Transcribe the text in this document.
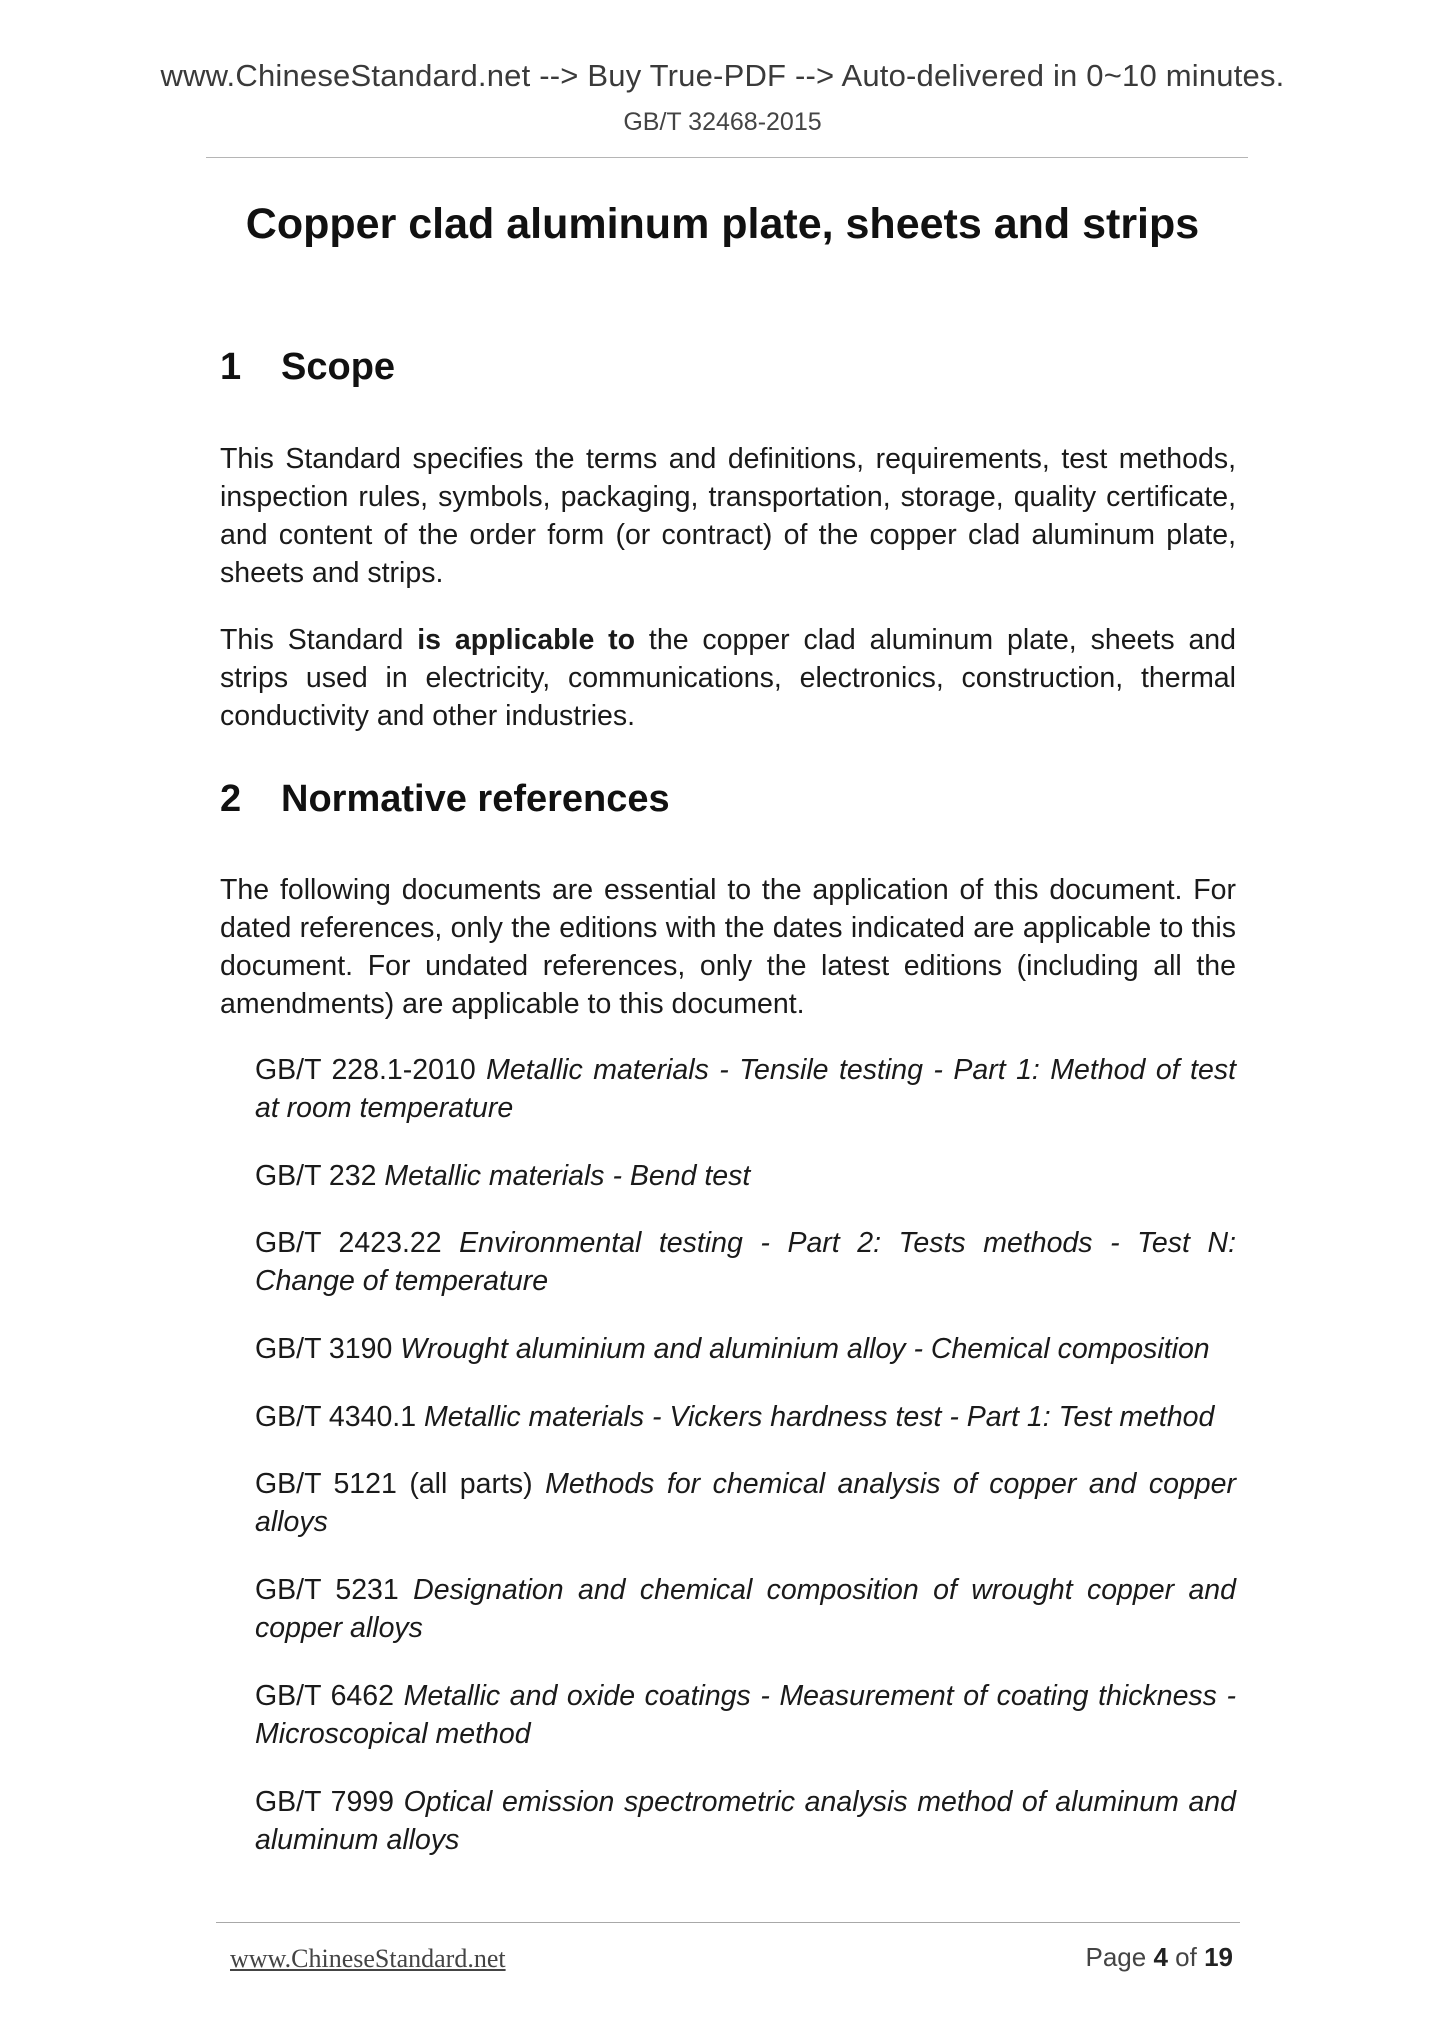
www.ChineseStandard.net --> Buy True-PDF --> Auto-delivered in 0~10 minutes.
GB/T 32468-2015
Copper clad aluminum plate, sheets and strips
1 Scope
This Standard specifies the terms and definitions, requirements, test methods, inspection rules, symbols, packaging, transportation, storage, quality certificate, and content of the order form (or contract) of the copper clad aluminum plate, sheets and strips.
This Standard is applicable to the copper clad aluminum plate, sheets and strips used in electricity, communications, electronics, construction, thermal conductivity and other industries.
2 Normative references
The following documents are essential to the application of this document. For dated references, only the editions with the dates indicated are applicable to this document. For undated references, only the latest editions (including all the amendments) are applicable to this document.
GB/T 228.1-2010 Metallic materials - Tensile testing - Part 1: Method of test at room temperature
GB/T 232 Metallic materials - Bend test
GB/T 2423.22 Environmental testing - Part 2: Tests methods - Test N: Change of temperature
GB/T 3190 Wrought aluminium and aluminium alloy - Chemical composition
GB/T 4340.1 Metallic materials - Vickers hardness test - Part 1: Test method
GB/T 5121 (all parts) Methods for chemical analysis of copper and copper alloys
GB/T 5231 Designation and chemical composition of wrought copper and copper alloys
GB/T 6462 Metallic and oxide coatings - Measurement of coating thickness - Microscopical method
GB/T 7999 Optical emission spectrometric analysis method of aluminum and aluminum alloys
www.ChineseStandard.net	Page 4 of 19
